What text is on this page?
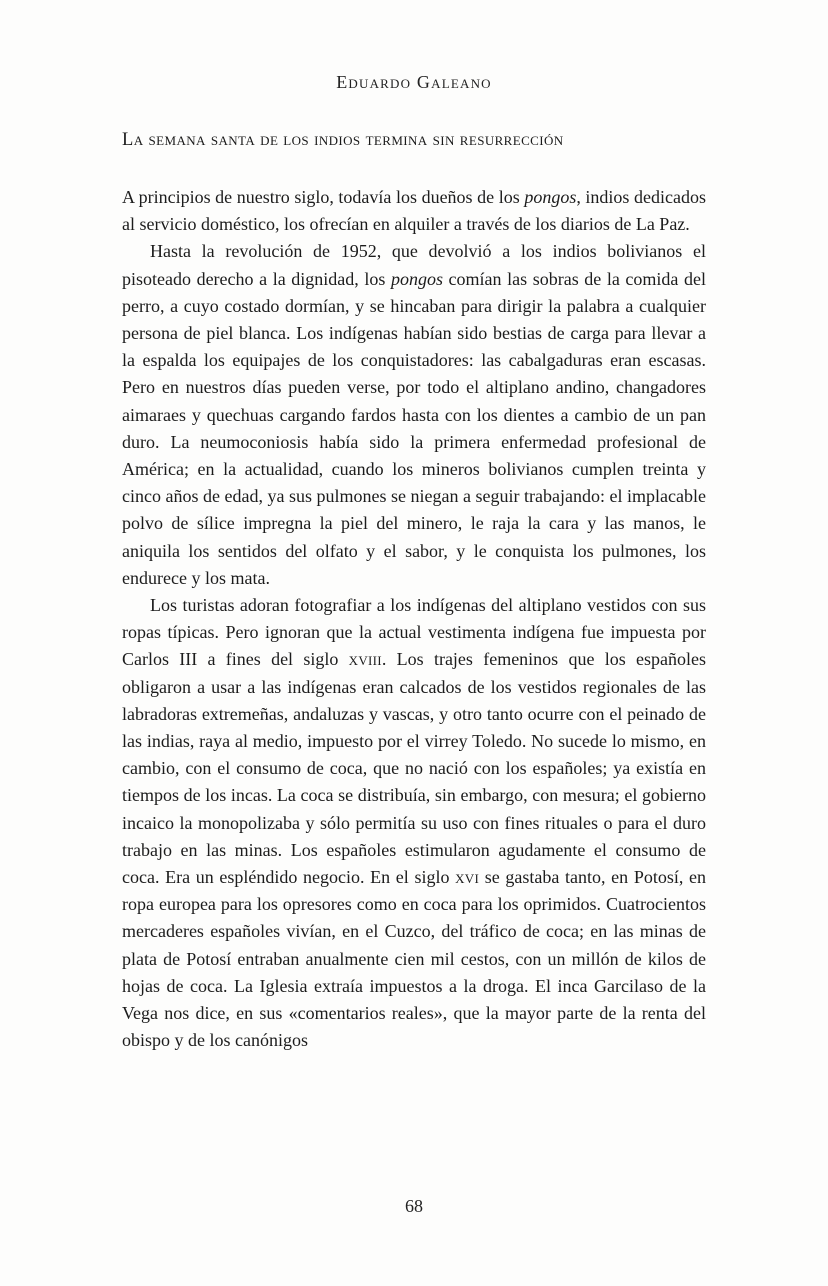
Eduardo Galeano
La semana santa de los indios termina sin resurrección

A principios de nuestro siglo, todavía los dueños de los pongos, indios dedicados al servicio doméstico, los ofrecían en alquiler a través de los diarios de La Paz.

Hasta la revolución de 1952, que devolvió a los indios bolivianos el pisoteado derecho a la dignidad, los pongos comían las sobras de la comida del perro, a cuyo costado dormían, y se hincaban para dirigir la palabra a cualquier persona de piel blanca. Los indígenas habían sido bestias de carga para llevar a la espalda los equipajes de los conquistadores: las cabalgaduras eran escasas. Pero en nuestros días pueden verse, por todo el altiplano andino, changadores aimaraes y quechuas cargando fardos hasta con los dientes a cambio de un pan duro. La neumoconiosis había sido la primera enfermedad profesional de América; en la actualidad, cuando los mineros bolivianos cumplen treinta y cinco años de edad, ya sus pulmones se niegan a seguir trabajando: el implacable polvo de sílice impregna la piel del minero, le raja la cara y las manos, le aniquila los sentidos del olfato y el sabor, y le conquista los pulmones, los endurece y los mata.

Los turistas adoran fotografiar a los indígenas del altiplano vestidos con sus ropas típicas. Pero ignoran que la actual vestimenta indígena fue impuesta por Carlos III a fines del siglo xviii. Los trajes femeninos que los españoles obligaron a usar a las indígenas eran calcados de los vestidos regionales de las labradoras extremeñas, andaluzas y vascas, y otro tanto ocurre con el peinado de las indias, raya al medio, impuesto por el virrey Toledo. No sucede lo mismo, en cambio, con el consumo de coca, que no nació con los españoles; ya existía en tiempos de los incas. La coca se distribuía, sin embargo, con mesura; el gobierno incaico la monopolizaba y sólo permitía su uso con fines rituales o para el duro trabajo en las minas. Los españoles estimularon agudamente el consumo de coca. Era un espléndido negocio. En el siglo xvi se gastaba tanto, en Potosí, en ropa europea para los opresores como en coca para los oprimidos. Cuatrocientos mercaderes españoles vivían, en el Cuzco, del tráfico de coca; en las minas de plata de Potosí entraban anualmente cien mil cestos, con un millón de kilos de hojas de coca. La Iglesia extraía impuestos a la droga. El inca Garcilaso de la Vega nos dice, en sus «comentarios reales», que la mayor parte de la renta del obispo y de los canónigos

68
